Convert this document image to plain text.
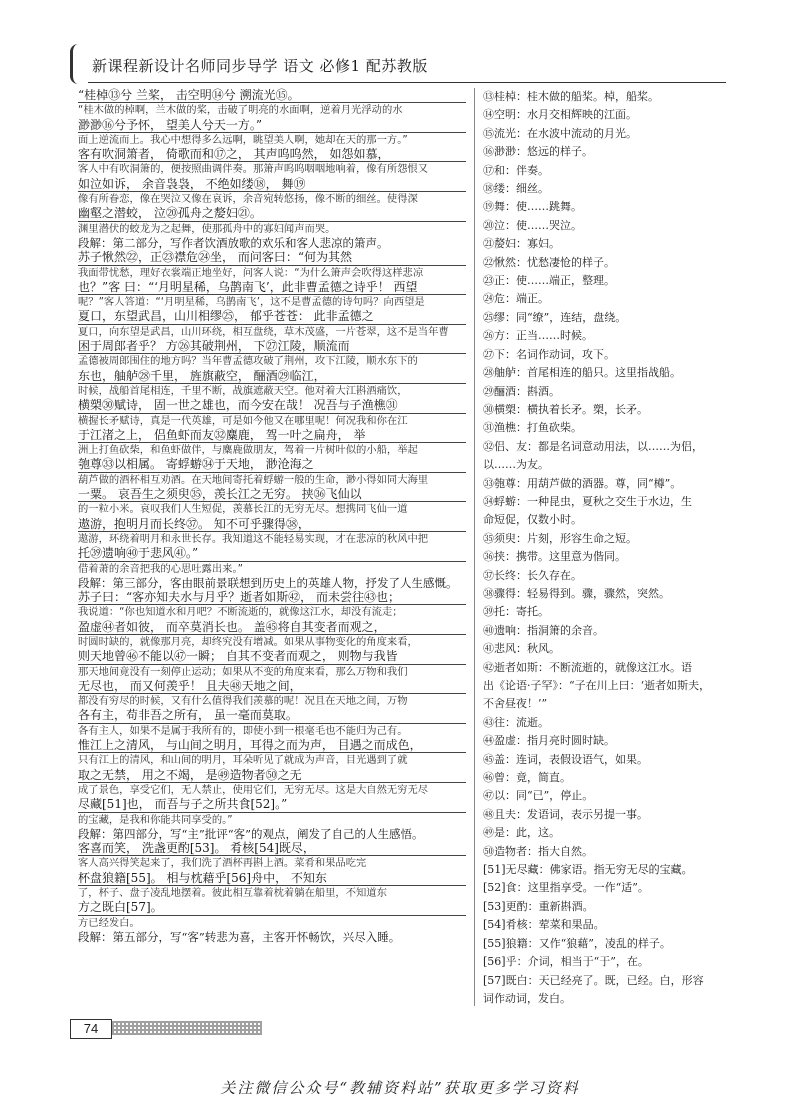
新课程新设计名师同步导学 语文 必修1 配苏教版
“桂棹⑬兮 兰桨， 击空明⑭兮 溯流光⑮。
“桂木做的棹啊，兰木做的桨，击破了明亮的水面啊，逆着月光浮动的水
渺渺⑯兮予怀， 望美人兮天一方。”
面上逆流而上。我心中想得多么远啊，眺望美人啊，她却在天的那一方。”
客有吹洞箫者， 倚歌而和⑰之， 其声呜呜然， 如怨如慕，
客人中有吹洞箫的，便按照曲调伴奏。那箫声呜呜咽咽地响着，像有所怨恨又
如泣如诉， 余音袅袅， 不绝如缕⑱， 舞⑲
像有所眷恋，像在哭泣又像在哀诉，余音宛转悠扬，像不断的细丝。使得深
幽壑之潜蛟， 泣⑳孤舟之嫠妇㉑。
渊里潜伏的蛟龙为之起舞，使那孤舟中的寡妇闻声而哭。
段解：第二部分，写作者饮酒放歌的欢乐和客人悲凉的箫声。
苏子愀然㉒，正㉓襟危㉔坐， 而问客曰：“何为其然
我面带忧愁，理好衣裳端正地坐好，问客人说：“为什么箫声会吹得这样悲凉
也？”客 曰：“‘月明星稀，乌鹊南飞’，此非曹孟德之诗乎！ 西望
呢？”客人答道：“‘月明星稀，乌鹊南飞’，这不是曹孟德的诗句吗？向西望是
夏口，东望武昌，山川相缪㉕， 郁乎苍苍： 此非孟德之
夏口，向东望是武昌，山川环绕，相互盘绕，草木茂盛，一片苍翠，这不是当年曹
困于周郎者乎？ 方㉖其破荆州， 下㉗江陵，顺流而
孟德被周郎围住的地方吗？当年曹孟德攻破了荆州，攻下江陵，顺水东下的
东也，舳舻㉘千里， 旌旗蔽空， 酾酒㉙临江，
时候，战船首尾相连，千里不断，战旗遮蔽天空。他对着大江斟酒痛饮，
横槊㉚赋诗， 固一世之雄也，而今安在哉！ 况吾与子渔樵㉛
横握长矛赋诗，真是一代英雄，可是如今他又在哪里呢！何况我和你在江
于江渚之上， 侣鱼虾而友㉜麋鹿， 驾一叶之扁舟， 举
洲上打鱼砍柴，和鱼虾做伴，与麋鹿做朋友，驾着一片树叶似的小船，举起
匏尊㉝以相属。 寄蜉蝣㉞于天地， 渺沧海之
葫芦做的酒杯相互劝酒。在天地间寄托着蜉蝣一般的生命，渺小得如同大海里
一粟。 哀吾生之须臾㉟，羡长江之无穷。 挟㊱飞仙以
的一粒小米。哀叹我们人生短促，羡慕长江的无穷无尽。想携同飞仙一道
遨游，抱明月而长终㊲。 知不可乎骤得㊳，
遨游，环绕着明月和永世长存。我知道这不能轻易实现，才在悲凉的秋风中把
托㊴遗响㊵于悲风㊶。”
借着萧的余音把我的心思吐露出来。”
段解：第三部分，客由眼前景联想到历史上的英雄人物，抒发了人生感慨。
苏子曰：“客亦知夫水与月乎？逝者如斯㊷， 而未尝往㊸也；
我说道：“你也知道水和月吧？不断流逝的，就像这江水，却没有流走；
盈虚㊹者如彼， 而卒莫消长也。 盖㊺将自其变者而观之，
时圆时缺的，就像那月亮，却终究没有增减。如果从事物变化的角度来看，
则天地曾㊻不能以㊼一瞬； 自其不变者而观之， 则物与我皆
那天地间竟没有一刻停止运动；如果从不变的角度来看，那么万物和我们
无尽也， 而又何羡乎！ 且夫㊽天地之间，
都没有穷尽的时候，又有什么值得我们羡慕的呢！况且在天地之间，万物
各有主，苟非吾之所有， 虽一毫而莫取。
各有主人，如果不是属于我所有的，即使小到一根毫毛也不能归为己有。
惟江上之清风， 与山间之明月，耳得之而为声， 目遇之而成色，
只有江上的清风，和山间的明月，耳朵听见了就成为声音，目光遇到了就
取之无禁， 用之不竭， 是㊾造物者㊿之无
成了景色，享受它们，无人禁止，使用它们，无穷无尽。这是大自然无穷无尽
尽藏[51]也， 而吾与子之所共食[52]。”
的宝藏，是我和你能共同享受的。”
段解：第四部分，写“主”批评“客”的观点，阐发了自己的人生感悟。
客喜而笑， 洗盏更酌[53]。 肴核[54]既尽，
客人高兴得笑起来了，我们洗了酒杯再斟上酒。菜肴和果品吃完
杯盘狼籍[55]。 相与枕藉乎[56]舟中， 不知东
了，杯子、盘子凌乱地摆着。彼此相互靠着枕着躺在船里，不知道东
方之既白[57]。
方已经发白。
段解：第五部分，写“客”转悲为喜，主客开怀畅饮，兴尽入睡。
⑬桂棹：桂木做的船桨。棹，船桨。
⑭空明：水月交相辉映的江面。
⑮流光：在水波中流动的月光。
⑯渺渺：悠远的样子。
⑰和：伴奏。
⑱缕：细丝。
⑲舞：使……跳舞。
⑳泣：使……哭泣。
㉑嫠妇：寡妇。
㉒愀然：忧愁凄怆的样子。
㉓正：使……端正，整理。
㉔危：端正。
㉕缪：同“缭”，连结，盘绕。
㉖方：正当……时候。
㉗下：名词作动词，攻下。
㉘舳舻：首尾相连的船只。这里指战船。
㉙酾酒：斟酒。
㉚横槊：横执着长矛。槊，长矛。
㉛渔樵：打鱼砍柴。
㉜侣、友：都是名词意动用法，以……为侣，
以……为友。
㉝匏尊：用葫芦做的酒器。尊，同“樽”。
㉞蜉蝣：一种昆虫，夏秋之交生于水边，生
命短促，仅数小时。
㉟须臾：片刻，形容生命之短。
㊱挟：携带。这里意为偕同。
㊲长终：长久存在。
㊳骤得：轻易得到。骤，骤然，突然。
㊴托：寄托。
㊵遗响：指洞箫的余音。
㊶悲风：秋风。
㊷逝者如斯：不断流逝的，就像这江水。语
出《论语·子罕》：“子在川上曰：‘逝者如斯夫，
不舍昼夜！’”
㊸往：流逝。
㊹盈虚：指月亮时圆时缺。
㊺盖：连词，表假设语气，如果。
㊻曾：竟，简直。
㊼以：同“已”，停止。
㊽且夫：发语词，表示另提一事。
㊾是：此，这。
㊿造物者：指大自然。
[51]无尽藏：佛家语。指无穷无尽的宝藏。
[52]食：这里指享受。一作“适”。
[53]更酌：重新斟酒。
[54]肴核：荤菜和果品。
[55]狼籍：又作“狼藉”，凌乱的样子。
[56]乎：介词，相当于“于”，在。
[57]既白：天已经亮了。既，已经。白，形容
词作动词，发白。
74
关注微信公众号“教辅资料站”获取更多学习资料
